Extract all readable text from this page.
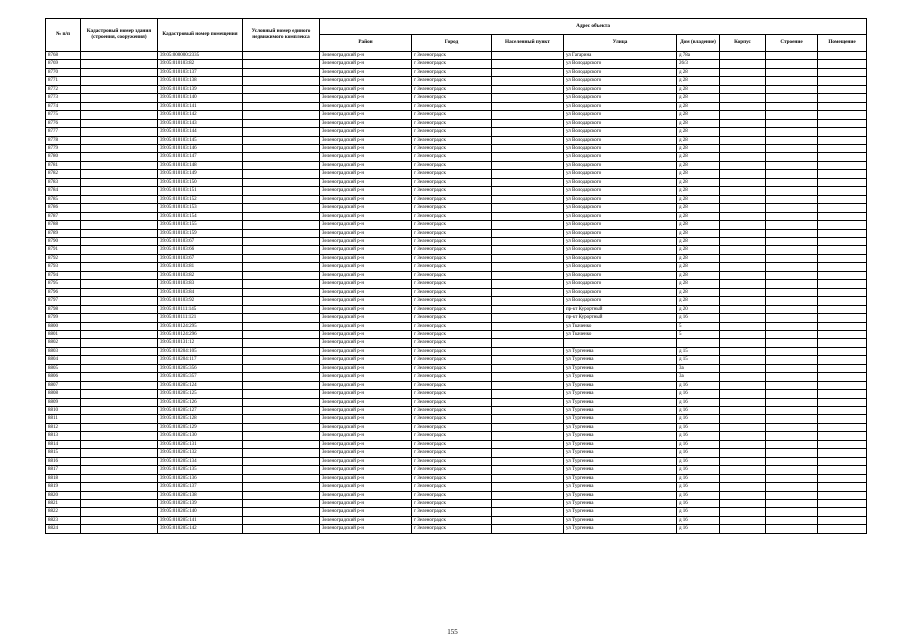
№ п/п	Кадастровый номер здания (строения, сооружения)	Кадастровый номер помещения	Условный номер единого недвижимого комплекса	Адрес объекта							
				Район	Город	Населенный пункт	Улица	Дом (владение)	Корпус	Строение	Помещение
8768		39:05:000000:2335		Зеленоградский р-н	г Зеленоградск		ул Гагарина	д 78а			
8769		39:05:010103:82		Зеленоградский р-н	г Зеленоградск		ул Володарского	26/3			
8770		39:05:010103:137		Зеленоградский р-н	г Зеленоградск		ул Володарского	д 28			
8771		39:05:010103:138		Зеленоградский р-н	г Зеленоградск		ул Володарского	д 28			
8772		39:05:010103:139		Зеленоградский р-н	г Зеленоградск		ул Володарского	д 28			
8773		39:05:010103:140		Зеленоградский р-н	г Зеленоградск		ул Володарского	д 28			
8774		39:05:010103:141		Зеленоградский р-н	г Зеленоградск		ул Володарского	д 28			
8775		39:05:010103:142		Зеленоградский р-н	г Зеленоградск		ул Володарского	д 28			
8776		39:05:010103:143		Зеленоградский р-н	г Зеленоградск		ул Володарского	д 28			
8777		39:05:010103:144		Зеленоградский р-н	г Зеленоградск		ул Володарского	д 28			
8778		39:05:010103:145		Зеленоградский р-н	г Зеленоградск		ул Володарского	д 28			
8779		39:05:010103:146		Зеленоградский р-н	г Зеленоградск		ул Володарского	д 28			
8780		39:05:010103:147		Зеленоградский р-н	г Зеленоградск		ул Володарского	д 28			
8781		39:05:010103:148		Зеленоградский р-н	г Зеленоградск		ул Володарского	д 28			
8782		39:05:010103:149		Зеленоградский р-н	г Зеленоградск		ул Володарского	д 28			
8783		39:05:010103:150		Зеленоградский р-н	г Зеленоградск		ул Володарского	д 28			
8784		39:05:010103:151		Зеленоградский р-н	г Зеленоградск		ул Володарского	д 28			
8785		39:05:010103:152		Зеленоградский р-н	г Зеленоградск		ул Володарского	д 28			
8786		39:05:010103:153		Зеленоградский р-н	г Зеленоградск		ул Володарского	д 28			
8787		39:05:010103:154		Зеленоградский р-н	г Зеленоградск		ул Володарского	д 28			
8788		39:05:010103:155		Зеленоградский р-н	г Зеленоградск		ул Володарского	д 28			
8789		39:05:010103:159		Зеленоградский р-н	г Зеленоградск		ул Володарского	д 28			
8790		39:05:010103:67		Зеленоградский р-н	г Зеленоградск		ул Володарского	д 28			
8791		39:05:010103:66		Зеленоградский р-н	г Зеленоградск		ул Володарского	д 28			
8792		39:05:010103:67		Зеленоградский р-н	г Зеленоградск		ул Володарского	д 28			
8793		39:05:010103:81		Зеленоградский р-н	г Зеленоградск		ул Володарского	д 28			
8794		39:05:010103:82		Зеленоградский р-н	г Зеленоградск		ул Володарского	д 28			
8795		39:05:010103:83		Зеленоградский р-н	г Зеленоградск		ул Володарского	д 28			
8796		39:05:010103:84		Зеленоградский р-н	г Зеленоградск		ул Володарского	д 28			
8797		39:05:010103:92		Зеленоградский р-н	г Зеленоградск		ул Володарского	д 28			
8798		39:05:010111:145		Зеленоградский р-н	г Зеленоградск		пр-кт Курортный	д 20			
8799		39:05:010111:121		Зеленоградский р-н	г Зеленоградск		пр-кт Курортный	д 16			
8800		39:05:010124:295		Зеленоградский р-н	г Зеленоградск		ул Ткаченко	5			
8801		39:05:010124:296		Зеленоградский р-н	г Зеленоградск		ул Ткаченко	5			
8802		39:05:010131:12		Зеленоградский р-н	г Зеленоградск						
8803		39:05:010204:105		Зеленоградский р-н	г Зеленоградск		ул Тургенева	д 15			
8804		39:05:010204:117		Зеленоградский р-н	г Зеленоградск		ул Тургенева	д 15			
8805		39:05:010205:356		Зеленоградский р-н	г Зеленоградск		ул Тургенева	3а			
8806		39:05:010205:357		Зеленоградский р-н	г Зеленоградск		ул Тургенева	3а			
8807		39:05:010205:124		Зеленоградский р-н	г Зеленоградск		ул Тургенева	д 16			
8808		39:05:010205:125		Зеленоградский р-н	г Зеленоградск		ул Тургенева	д 16			
8809		39:05:010205:126		Зеленоградский р-н	г Зеленоградск		ул Тургенева	д 16			
8810		39:05:010205:127		Зеленоградский р-н	г Зеленоградск		ул Тургенева	д 16			
8811		39:05:010205:128		Зеленоградский р-н	г Зеленоградск		ул Тургенева	д 16			
8812		39:05:010205:129		Зеленоградский р-н	г Зеленоградск		ул Тургенева	д 16			
8813		39:05:010205:130		Зеленоградский р-н	г Зеленоградск		ул Тургенева	д 16			
8814		39:05:010205:131		Зеленоградский р-н	г Зеленоградск		ул Тургенева	д 16			
8815		39:05:010205:132		Зеленоградский р-н	г Зеленоградск		ул Тургенева	д 16			
8816		39:05:010205:134		Зеленоградский р-н	г Зеленоградск		ул Тургенева	д 16			
8817		39:05:010205:135		Зеленоградский р-н	г Зеленоградск		ул Тургенева	д 16			
8818		39:05:010205:136		Зеленоградский р-н	г Зеленоградск		ул Тургенева	д 16			
8819		39:05:010205:137		Зеленоградский р-н	г Зеленоградск		ул Тургенева	д 16			
8820		39:05:010205:138		Зеленоградский р-н	г Зеленоградск		ул Тургенева	д 16			
8821		39:05:010205:139		Зеленоградский р-н	г Зеленоградск		ул Тургенева	д 16			
8822		39:05:010205:140		Зеленоградский р-н	г Зеленоградск		ул Тургенева	д 16			
8823		39:05:010205:141		Зеленоградский р-н	г Зеленоградск		ул Тургенева	д 16			
8824		39:05:010205:142		Зеленоградский р-н	г Зеленоградск		ул Тургенева	д 16			
155
